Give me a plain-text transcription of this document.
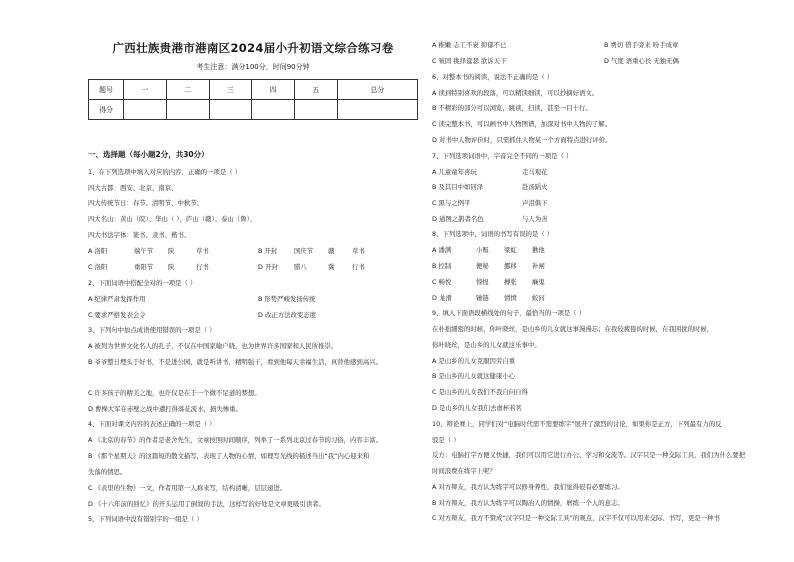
广西壮族贵港市港南区2024届小升初语文综合练习卷
考生注意：满分100分，时间90分钟
题号	一	二	三	四	五	总分
得分						
一、选择题（每小题2分，共30分）
1、在下列选项中填入对应的内容，正确的一项是（ ）
四大古都：西安、北京、南京、
四大传统节日：春节、清明节、中秋节、
四大名山：黄山（皖）、华山（ ）、庐山（赣）、泰山（鲁）、
四大书法字体：篆书、隶书、楷书、
A 洛阳	端午节 陕	草书	B 开封	国庆节 赣	草书
C 洛阳	重阳节 陕	行书	D 开封	腊八	冀	行书
2、下面词语中搭配全对的一项是（ ）
A 纪律严肃发挥作用	B 形势严峻发扬传统
C 要求严格发表会令	D 改正方法改变态度
3、下列句中加点成语使用错误的一项是（ ）
A 被列为世界文化名人的孔子，不仅在中国家喻户晓，也为世界许多国家和人民所推崇。
B 爷爷整日埋头于好书，不是进公园，就是听讲书，精明强干，看到他每天幸福生活，真替他感到高兴。
C 许多孩子的精美之地，也许仅是在于一个微不足道的梦想。
D 曹操大军在赤壁之战中遭打得落花流水，损失惨重。
4、下面对课文内容的表述正确的一项是（ ）
A 《北京的春节》的作者是老舍先生，文章按照时间顺序，列举了一系列北京过春节的习俗，内容丰富。
B 《那个星期天》的这篇短的散文描写，表现了人物的心情，如理写光线的描述当出“我”内心迎来和
失落的情思。
C 《表里的生物》一文，作者用第一人称来写，结构清晰，层层递进。
D 《十六年前的回忆》的开头运用了倒叙的手法，这样写的好处是文章更吸引读者。
5、下列词语中没有错别字的一组是（ ）
A 稚嫩 志工不衰 抑郁不已	B 费切 借手旁来 吩手成章
C 皱固 挑择筵瑟 欲诉天下	D 气度 语重心长 无独无偶
6、对整本书的阅读，说法不正确的是（ ）
A 读到特别喜欢的段落，可以精读细读，可以抄摘好语文。
B 不精彩的部分可以浏览，跳读，扫读，甚至一目十行。
C 读完整本书，可以画书中人物图谱，加深对书中人物的了解。
D 对书中人物评价时，只需抓住人物某一个方面特点进行评价。
7、下列选项词语中，字音完全不同的一项是（ ）
A 儿童童年喜玩	走马观花
B 及其目中如同泽	赴汤蹈火
C 黑与之例平	声泪俱下
D 通图之鹊者名色	与人为善
8、下列选项中，词语的书写有误的是（ ）
A 潘满	小贩 梁虹 揪他
B 控制	便秘 挪移 补闸
C 畅悦	惊惶 搏张 癞鬼
D 尨滑	锤链 情愤 蛟问
9、填入下面语段横线处的句子，最恰当的一项是（ ）
在朴拙細密的时候，你叶晓丝，是山乡的儿女就这事漫漫忘；在我较疲倦的时候，在我困扰的时候，
你叶晓丝，是山乡的儿女就这乐事中。
A 是山乡的儿女克服因劳自重
B 是山乡的儿女就这健康小心
C 是山乡的儿女我们不我自问自得
D 是山乡的儿女我们去虐杯若茗
10、辩论赛上，同学们对“电脑时代需不需要练字”展开了激烈的讨论，如果你是正方，下列最有力的反
驳是（ ）
反方：电脑打字方便又快捷，我们可以用它进行办公、学习和交流等。汉字只是一种交际工具，我们为什么要把
时间浪费在练字上呢？
A 对方辩友，我方认为练字可以修身养性，我们觉得很有必要练习。
B 对方辩友，我方认为练字可以陶冶人的情操，磨练一个人的意志。
C 对方辩友，我方不赞成“汉字只是一种交际工具”的观点，汉字不仅可以用来交际、书写，更是一种书
